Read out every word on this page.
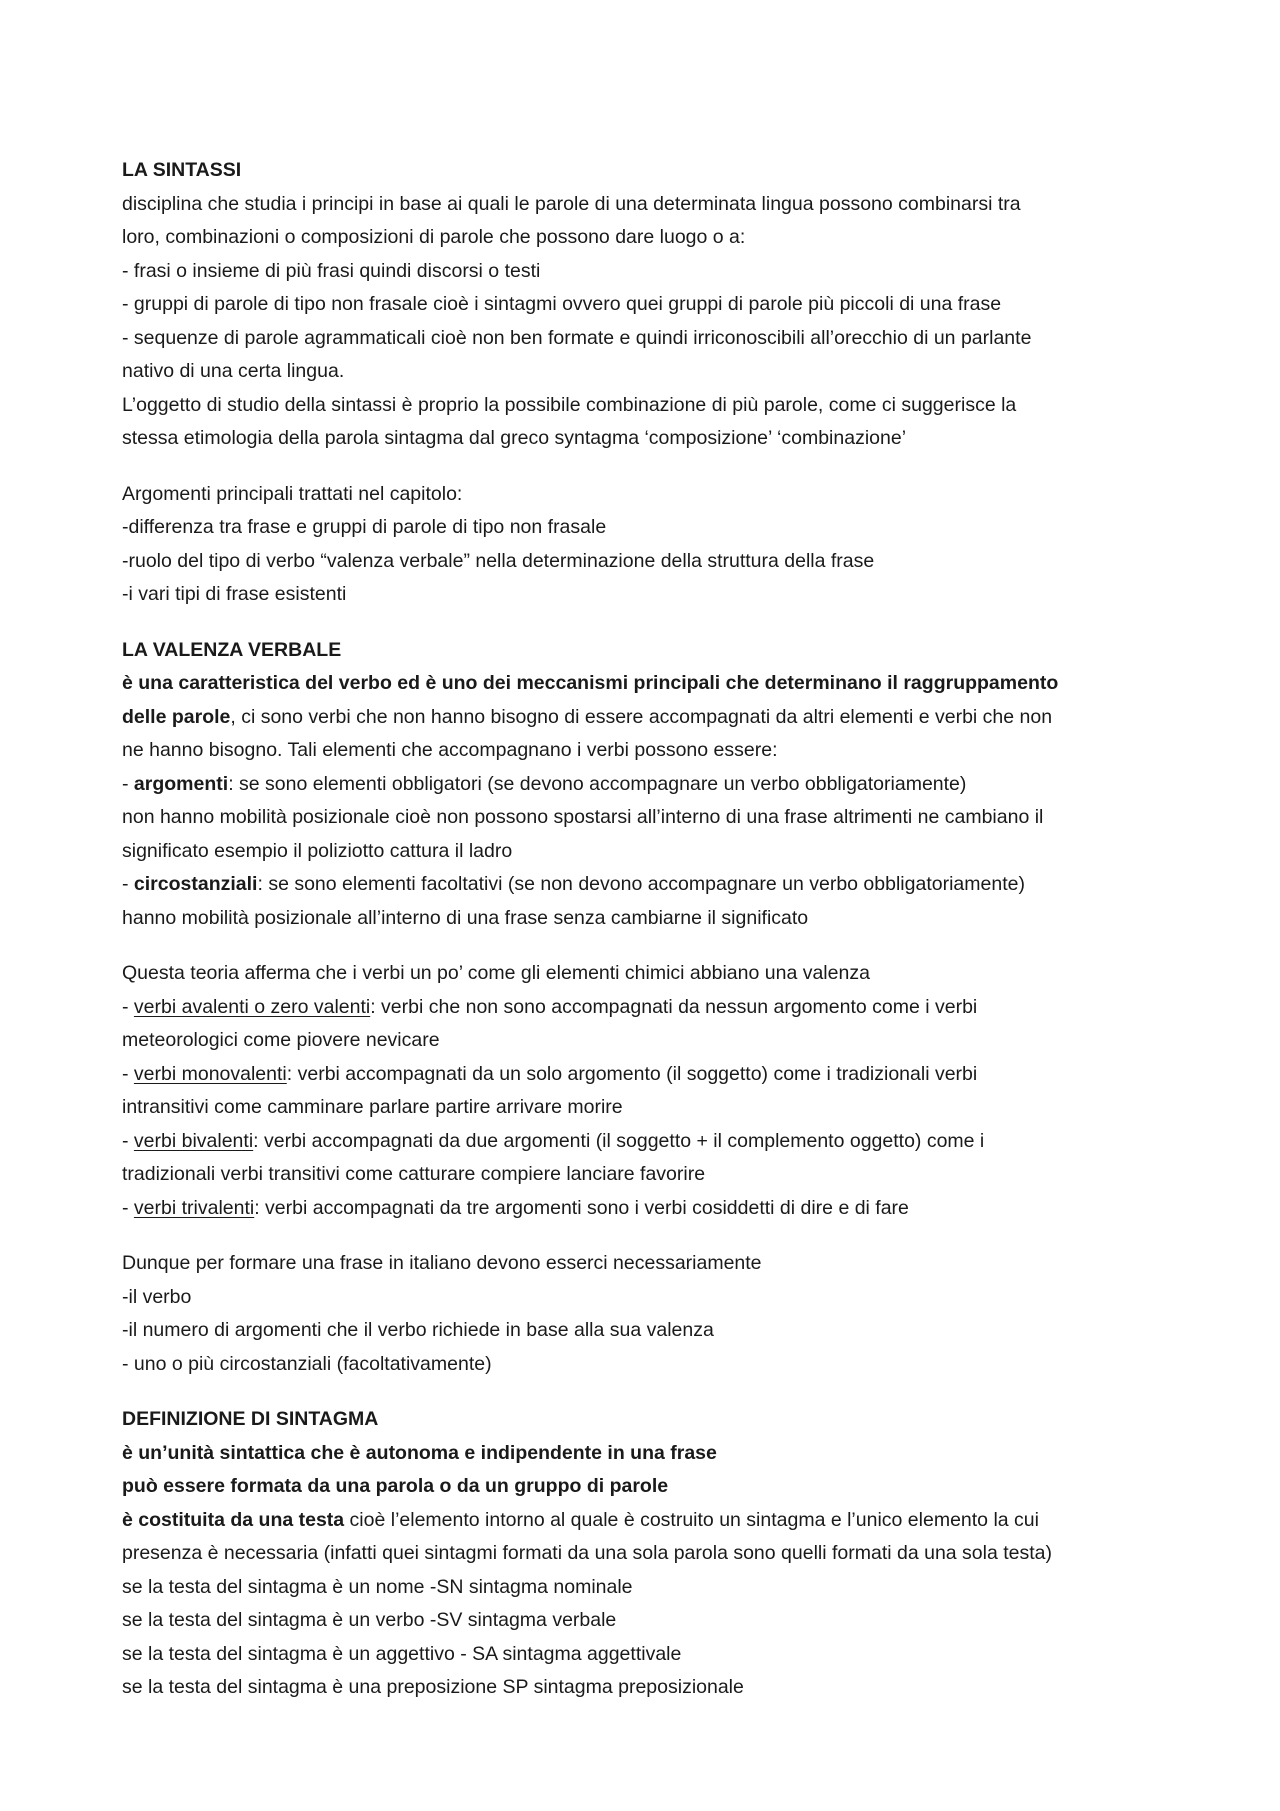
LA SINTASSI
disciplina che studia i principi in base ai quali le parole di una determinata lingua possono combinarsi tra
loro, combinazioni o composizioni di parole che possono dare luogo o a:
- frasi o insieme di più frasi quindi discorsi o testi
- gruppi di parole di tipo non frasale cioè i sintagmi ovvero quei gruppi di parole più piccoli di una frase
- sequenze di parole agrammaticali cioè non ben formate e quindi irriconoscibili all’orecchio di un parlante
nativo di una certa lingua.
L’oggetto di studio della sintassi è proprio la possibile combinazione di più parole, come ci suggerisce la
stessa etimologia della parola sintagma dal greco syntagma ‘composizione’ ‘combinazione’
Argomenti principali trattati nel capitolo:
-differenza tra frase e gruppi di parole di tipo non frasale
-ruolo del tipo di verbo “valenza verbale” nella determinazione della struttura della frase
-i vari tipi di frase esistenti
LA VALENZA VERBALE
è una caratteristica del verbo ed è uno dei meccanismi principali che determinano il raggruppamento
delle parole, ci sono verbi che non hanno bisogno di essere accompagnati da altri elementi e verbi che non
ne hanno bisogno. Tali elementi che accompagnano i verbi possono essere:
- argomenti: se sono elementi obbligatori (se devono accompagnare un verbo obbligatoriamente)
non hanno mobilità posizionale cioè non possono spostarsi all’interno di una frase altrimenti ne cambiano il
significato esempio il poliziotto cattura il ladro
- circostanziali: se sono elementi facoltativi (se non devono accompagnare un verbo obbligatoriamente)
hanno mobilità posizionale all’interno di una frase senza cambiarne il significato
Questa teoria afferma che i verbi un po’ come gli elementi chimici abbiano una valenza
- verbi avalenti o zero valenti: verbi che non sono accompagnati da nessun argomento come i verbi
meteorologici come piovere nevicare
- verbi monovalenti: verbi accompagnati da un solo argomento (il soggetto) come i tradizionali verbi
intransitivi come camminare parlare partire arrivare morire
- verbi bivalenti: verbi accompagnati da due argomenti (il soggetto + il complemento oggetto) come i
tradizionali verbi transitivi come catturare compiere lanciare favorire
- verbi trivalenti: verbi accompagnati da tre argomenti sono i verbi cosiddetti di dire e di fare
Dunque per formare una frase in italiano devono esserci necessariamente
-il verbo
-il numero di argomenti che il verbo richiede in base alla sua valenza
- uno o più circostanziali (facoltativamente)
DEFINIZIONE DI SINTAGMA
è un’unità sintattica che è autonoma e indipendente in una frase
può essere formata da una parola o da un gruppo di parole
è costituita da una testa cioè l’elemento intorno al quale è costruito un sintagma e l’unico elemento la cui
presenza è necessaria (infatti quei sintagmi formati da una sola parola sono quelli formati da una sola testa)
se la testa del sintagma è un nome -SN sintagma nominale
se la testa del sintagma è un verbo -SV sintagma verbale
se la testa del sintagma è un aggettivo - SA sintagma aggettivale
se la testa del sintagma è una preposizione SP sintagma preposizionale
